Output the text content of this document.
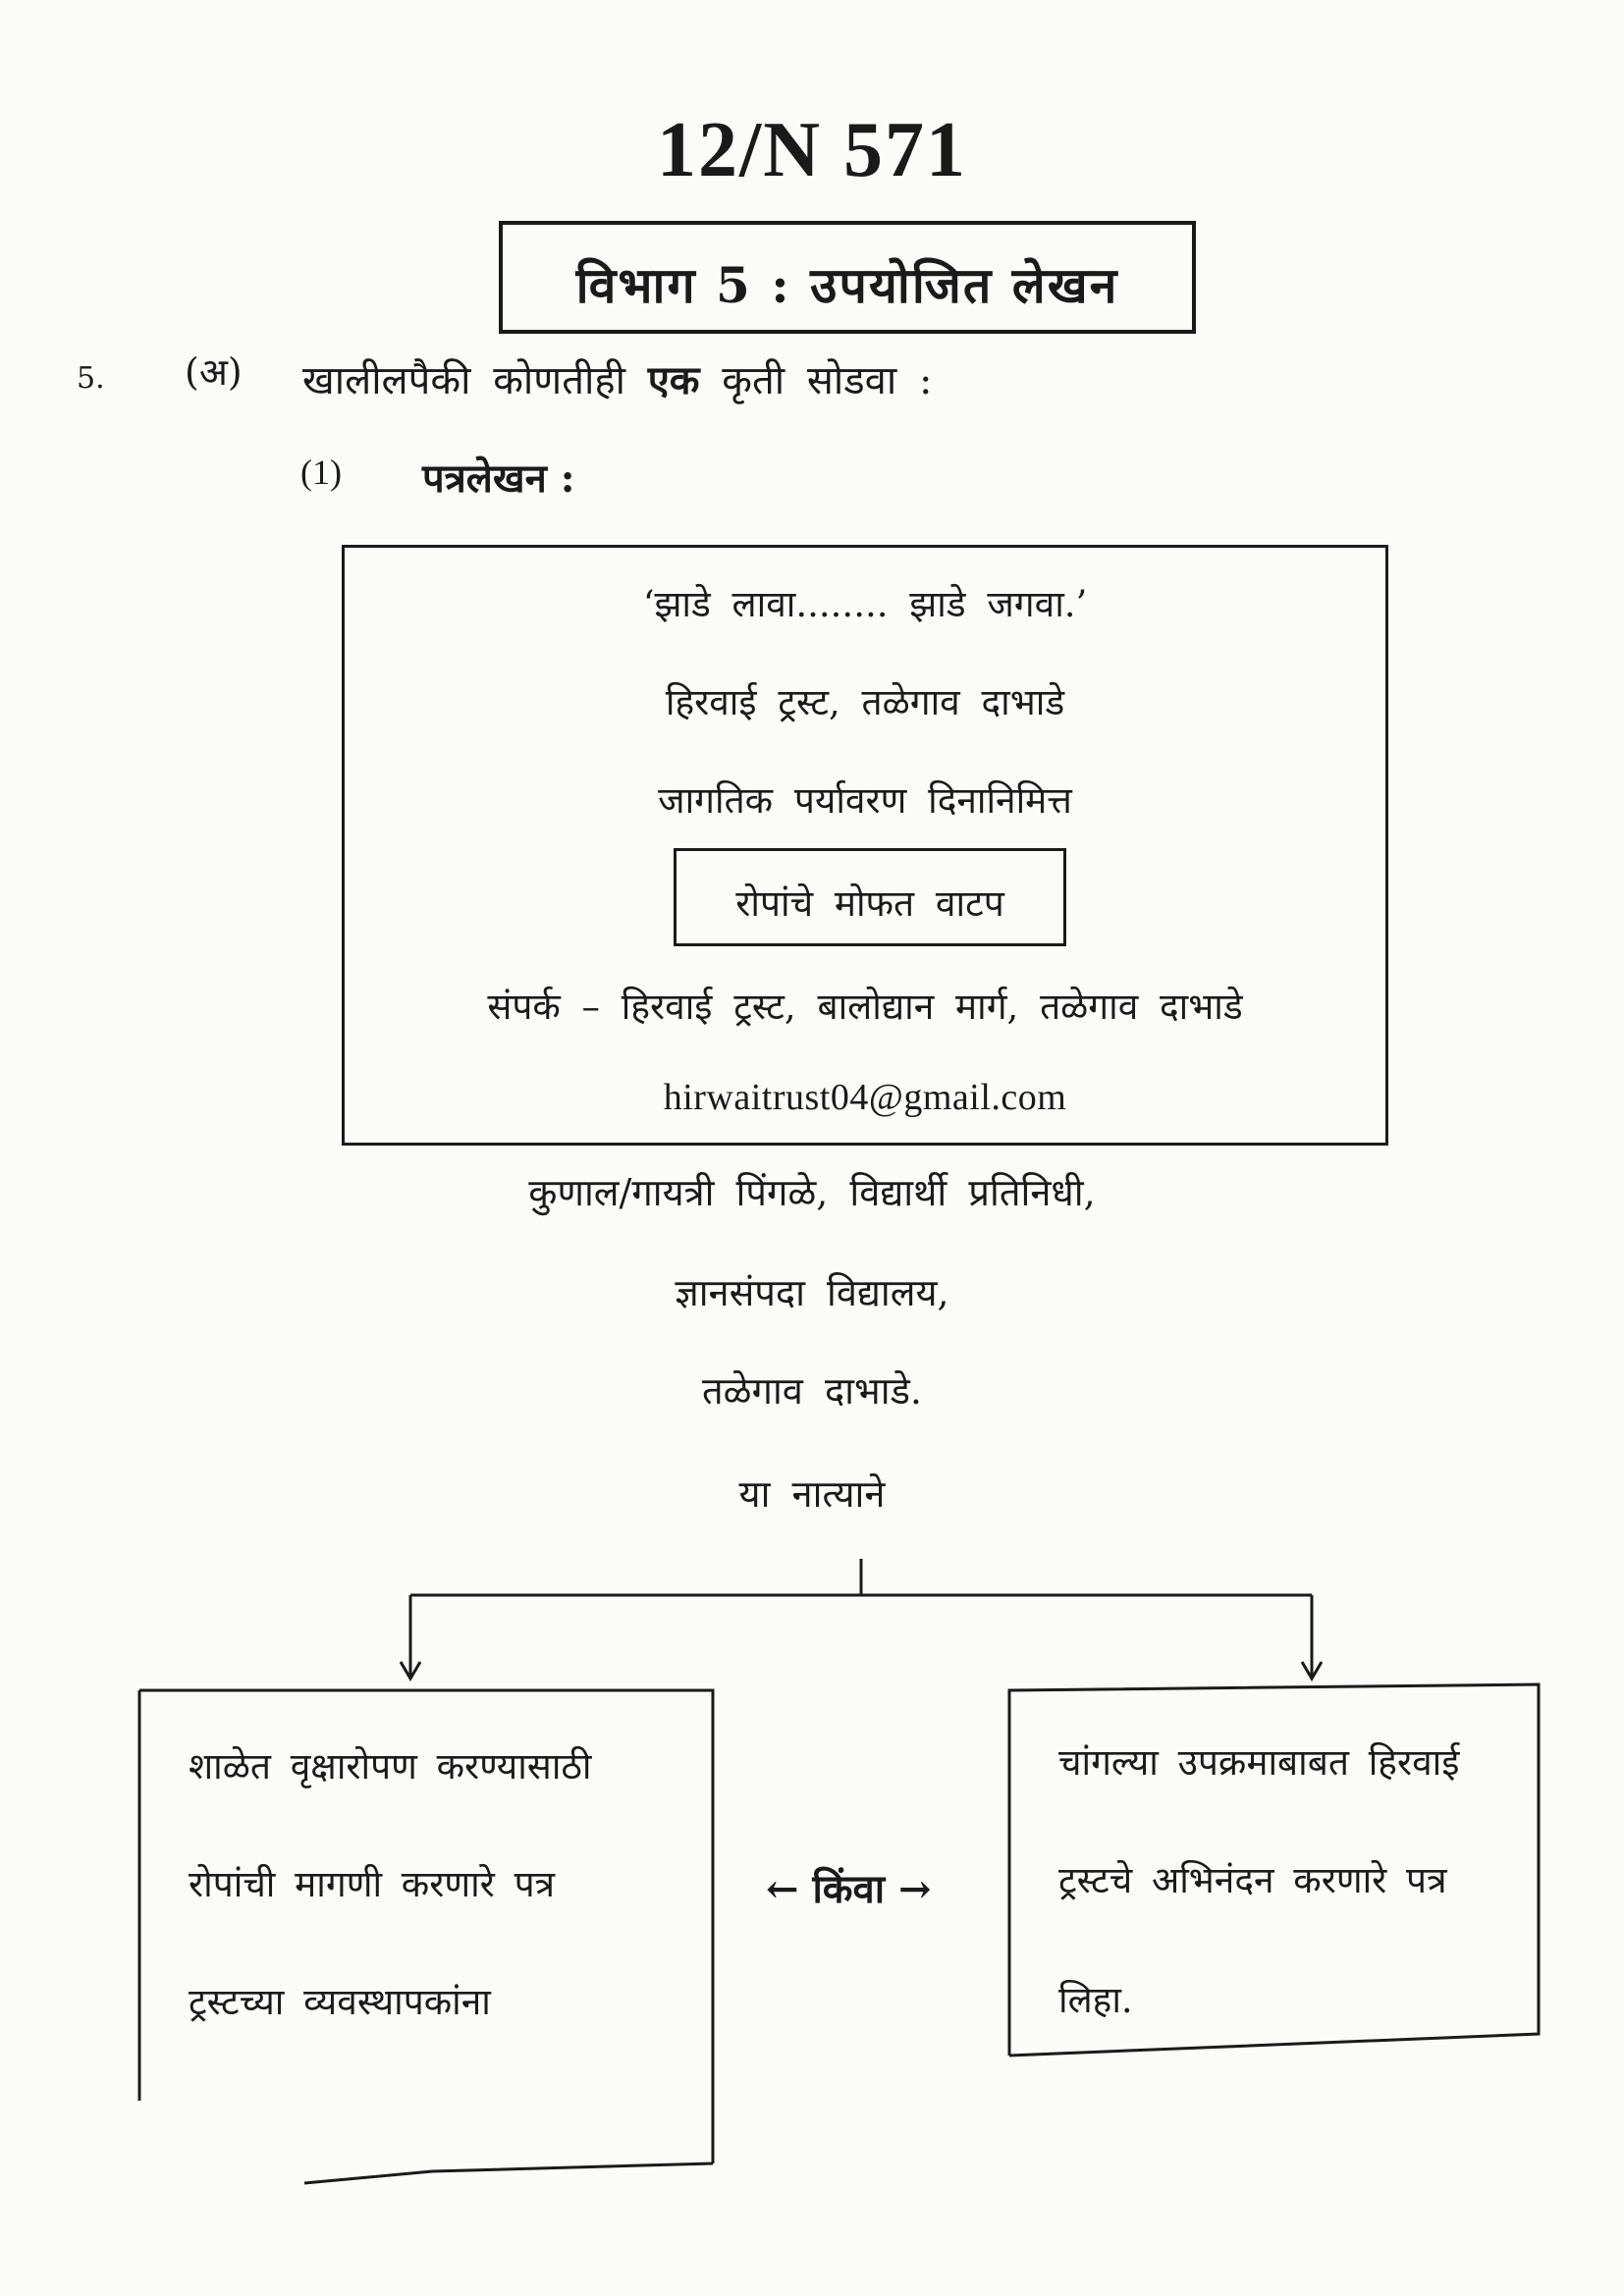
12/N 571
विभाग 5 : उपयोजित लेखन
5. (अ) खालीलपैकी कोणतीही एक कृती सोडवा :
(1) पत्रलेखन :
‘झाडे लावा........ झाडे जगवा.’
हिरवाई ट्रस्ट, तळेगाव दाभाडे
जागतिक पर्यावरण दिनानिमित्त
रोपांचे मोफत वाटप
संपर्क – हिरवाई ट्रस्ट, बालोद्यान मार्ग, तळेगाव दाभाडे
hirwaitrust04@gmail.com
कुणाल/गायत्री पिंगळे, विद्यार्थी प्रतिनिधी,
ज्ञानसंपदा विद्यालय,
तळेगाव दाभाडे.
या नात्याने
शाळेत वृक्षारोपण करण्यासाठी
रोपांची मागणी करणारे पत्र
ट्रस्टच्या व्यवस्थापकांना
← किंवा →
चांगल्या उपक्रमाबाबत हिरवाई
ट्रस्टचे अभिनंदन करणारे पत्र
लिहा.
